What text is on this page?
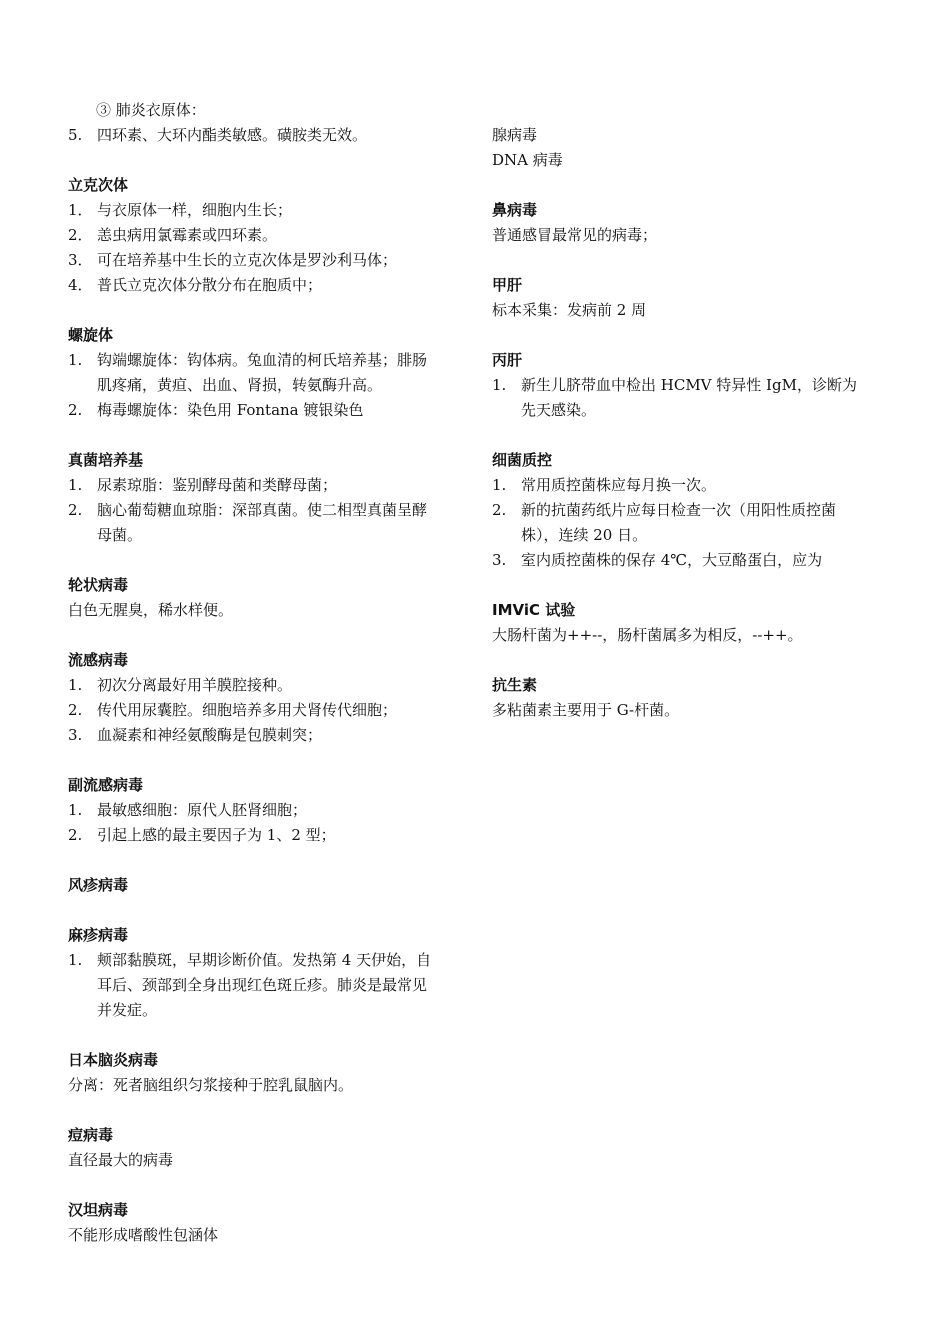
③ 肺炎衣原体：

5. 四环素、大环内酯类敏感。磺胺类无效。

立克次体

1． 与衣原体一样，细胞内生长；
2． 恙虫病用氯霉素或四环素。
3． 可在培养基中生长的立克次体是罗沙利马体；
4． 普氏立克次体分散分布在胞质中；

螺旋体

1. 钩端螺旋体：钩体病。兔血清的柯氏培养基；腓肠
肌疼痛，黄疸、出血、肾损，转氨酶升高。
2. 梅毒螺旋体：染色用 Fontana 镀银染色

真菌培养基

1. 尿素琼脂：鉴别酵母菌和类酵母菌；
2. 脑心葡萄糖血琼脂：深部真菌。使二相型真菌呈酵
母菌。

轮状病毒

白色无腥臭，稀水样便。

流感病毒

1. 初次分离最好用羊膜腔接种。
2. 传代用尿囊腔。细胞培养多用犬肾传代细胞；
3. 血凝素和神经氨酸酶是包膜刺突；

副流感病毒

1. 最敏感细胞：原代人胚肾细胞；
2. 引起上感的最主要因子为 1、2 型；

风疹病毒

麻疹病毒

1. 颊部黏膜斑，早期诊断价值。发热第 4 天伊始，自
耳后、颈部到全身出现红色斑丘疹。肺炎是最常见
并发症。

日本脑炎病毒

分离：死者脑组织匀浆接种于腔乳鼠脑内。

痘病毒

直径最大的病毒

汉坦病毒

不能形成嗜酸性包涵体

腺病毒

DNA 病毒

鼻病毒

普通感冒最常见的病毒；

甲肝

标本采集：发病前 2 周

丙肝

1. 新生儿脐带血中检出 HCMV 特异性 IgM，诊断为
先天感染。

细菌质控

1. 常用质控菌株应每月换一次。
2. 新的抗菌药纸片应每日检查一次（用阳性质控菌
株），连续 20 日。
3. 室内质控菌株的保存 4℃，大豆酪蛋白，应为

IMViC 试验

大肠杆菌为++--，肠杆菌属多为相反，--++。

抗生素

多粘菌素主要用于 G-杆菌。
